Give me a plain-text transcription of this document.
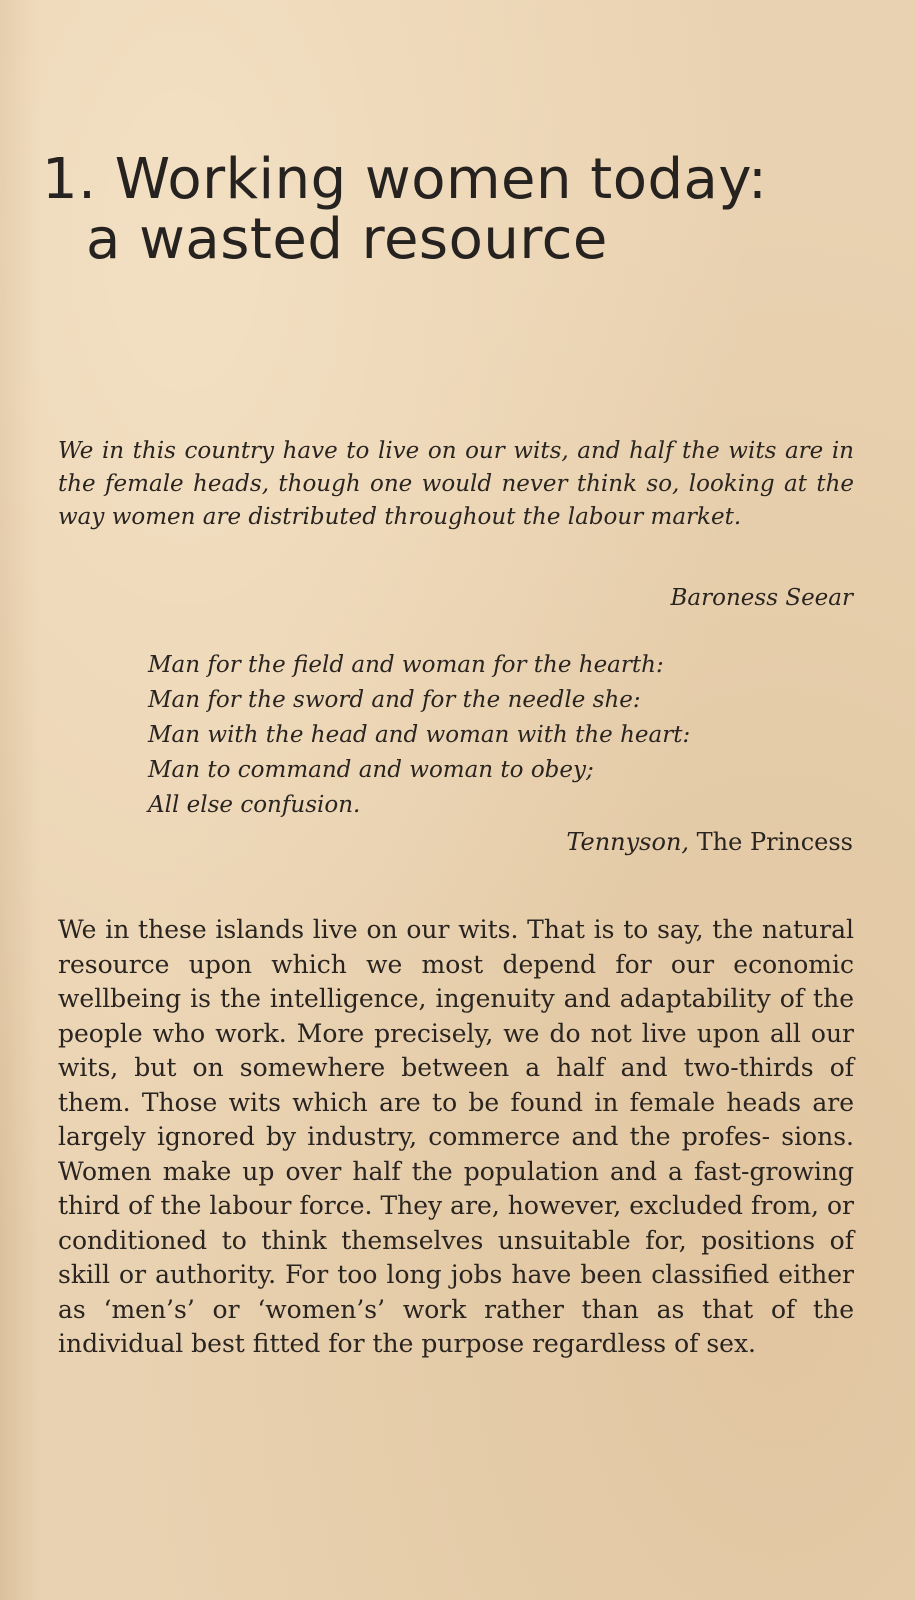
1. Working women today:
a wasted resource

We in this country have to live on our wits, and half the wits are in the female heads, though one would never think so, looking at the way women are distributed throughout the labour market.

Baroness Seear

Man for the field and woman for the hearth:
Man for the sword and for the needle she:
Man with the head and woman with the heart:
Man to command and woman to obey;
All else confusion.

Tennyson, The Princess

We in these islands live on our wits. That is to say, the natural resource upon which we most depend for our economic wellbeing is the intelligence, ingenuity and adaptability of the people who work. More precisely, we do not live upon all our wits, but on somewhere between a half and two-thirds of them. Those wits which are to be found in female heads are largely ignored by industry, commerce and the profes- sions. Women make up over half the population and a fast-growing third of the labour force. They are, however, excluded from, or conditioned to think themselves unsuitable for, positions of skill or authority. For too long jobs have been classified either as ‘men’s’ or ‘women’s’ work rather than as that of the individual best fitted for the purpose regardless of sex.
